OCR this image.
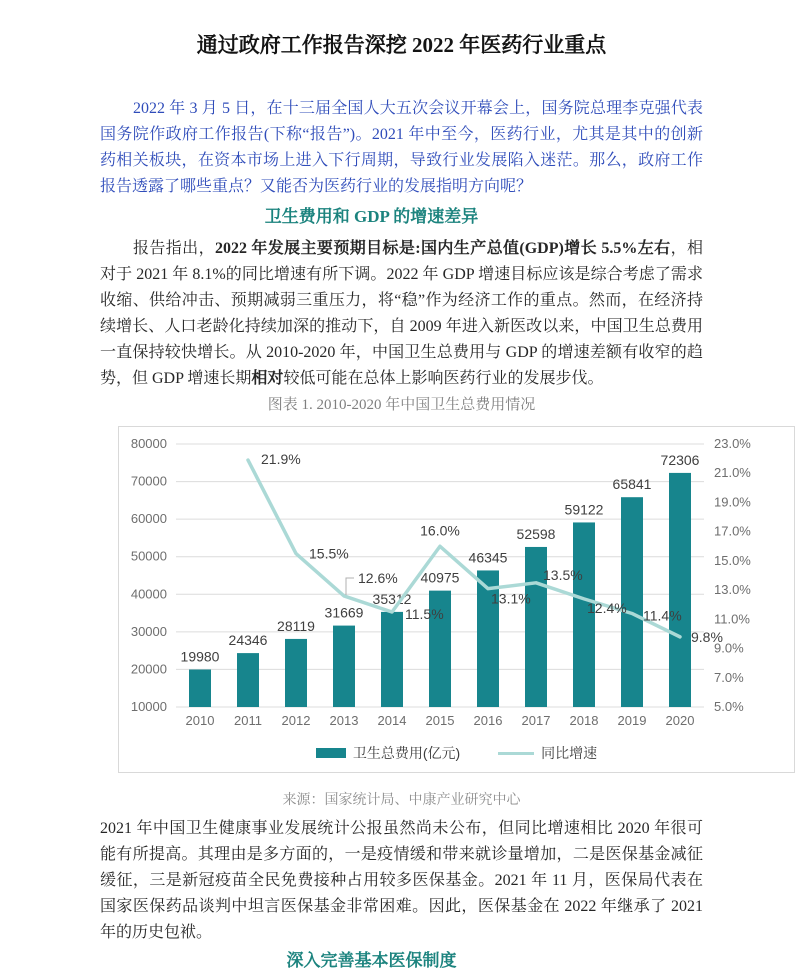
通过政府工作报告深挖 2022 年医药行业重点

2022 年 3 月 5 日，在十三届全国人大五次会议开幕会上，国务院总理李克强代表国务院作政府工作报告(下称“报告”)。2021 年中至今，医药行业，尤其是其中的创新药相关板块，在资本市场上进入下行周期，导致行业发展陷入迷茫。那么，政府工作报告透露了哪些重点？又能否为医药行业的发展指明方向呢？

卫生费用和 GDP 的增速差异

报告指出，2022 年发展主要预期目标是:国内生产总值(GDP)增长 5.5%左右，相对于 2021 年 8.1%的同比增速有所下调。2022 年 GDP 增速目标应该是综合考虑了需求收缩、供给冲击、预期减弱三重压力，将“稳”作为经济工作的重点。然而，在经济持续增长、人口老龄化持续加深的推动下，自 2009 年进入新医改以来，中国卫生总费用一直保持较快增长。从 2010-2020 年，中国卫生总费用与 GDP 的增速差额有收窄的趋势，但 GDP 增速长期相对较低可能在总体上影响医药行业的发展步伐。

图表 1. 2010-2020 年中国卫生总费用情况

10000
20000
30000
40000
50000
60000
70000
80000
5.0%
7.0%
9.0%
11.0%
13.0%
15.0%
17.0%
19.0%
21.0%
23.0%
19980
24346
28119
31669
35312
40975
46345
52598
59122
65841
72306
2010 2011 2012 2013 2014 2015 2016 2017 2018 2019 2020
21.9%
15.5%
12.6%
11.5%
16.0%
13.1%
13.5%
12.4% 11.4%
9.8%
卫生总费用(亿元)	同比增速

来源：国家统计局、中康产业研究中心

2021 年中国卫生健康事业发展统计公报虽然尚未公布，但同比增速相比 2020 年很可能有所提高。其理由是多方面的，一是疫情缓和带来就诊量增加，二是医保基金减征缓征，三是新冠疫苗全民免费接种占用较多医保基金。2021 年 11 月，医保局代表在国家医保药品谈判中坦言医保基金非常困难。因此，医保基金在 2022 年继承了 2021 年的历史包袱。

深入完善基本医保制度
